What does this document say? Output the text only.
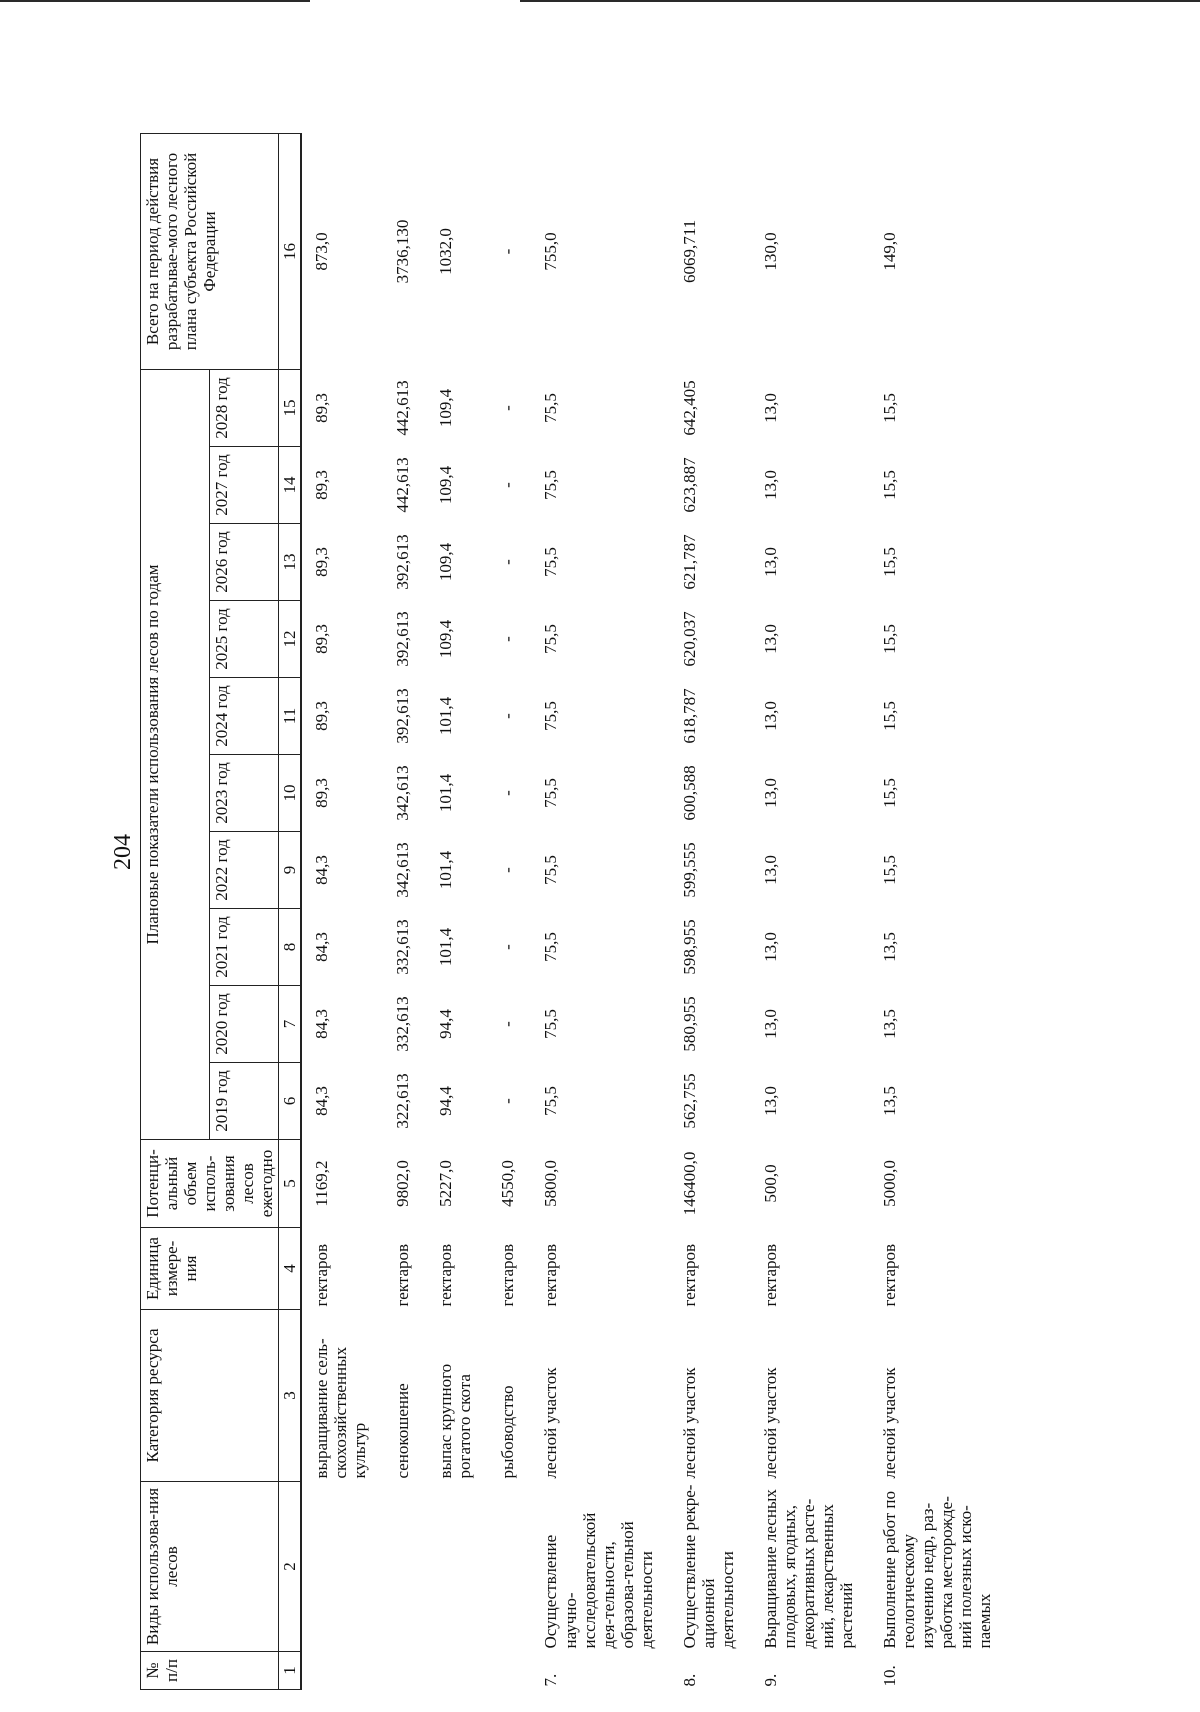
204
№ п/п	Виды использова-ния лесов	Категория ресурса	Единица измере-ния	Потенци-альный объем исполь-зования лесов ежегодно	Плановые показатели использования лесов по годам										Всего на период действия разрабатывае-мого лесного плана субъекта Российской Федерации
					2019 год	2020 год	2021 год	2022 год	2023 год	2024 год	2025 год	2026 год	2027 год	2028 год	
1	2	3	4	5	6	7	8	9	10	11	12	13	14	15	16
		выращивание сель-скохозяйственных культур	гектаров	1169,2	84,3	84,3	84,3	84,3	89,3	89,3	89,3	89,3	89,3	89,3	873,0
		сенокошение	гектаров	9802,0	322,613	332,613	332,613	342,613	342,613	392,613	392,613	392,613	442,613	442,613	3736,130
		выпас крупного рогатого скота	гектаров	5227,0	94,4	94,4	101,4	101,4	101,4	101,4	109,4	109,4	109,4	109,4	1032,0
		рыбоводство	гектаров	4550,0	-	-	-	-	-	-	-	-	-	-	-
7.	Осуществление научно-исследовательской дея-тельности, образова-тельной деятельности	лесной участок	гектаров	5800,0	75,5	75,5	75,5	75,5	75,5	75,5	75,5	75,5	75,5	75,5	755,0
8.	Осуществление рекре-ационной деятельности	лесной участок	гектаров	146400,0	562,755	580,955	598,955	599,555	600,588	618,787	620,037	621,787	623,887	642,405	6069,711
9.	Выращивание лесных плодовых, ягодных, декоративных расте-ний, лекарственных растений	лесной участок	гектаров	500,0	13,0	13,0	13,0	13,0	13,0	13,0	13,0	13,0	13,0	13,0	130,0
10.	Выполнение работ по геологическому изучению недр, раз-работка месторожде-ний полезных иско-паемых	лесной участок	гектаров	5000,0	13,5	13,5	13,5	15,5	15,5	15,5	15,5	15,5	15,5	15,5	149,0
